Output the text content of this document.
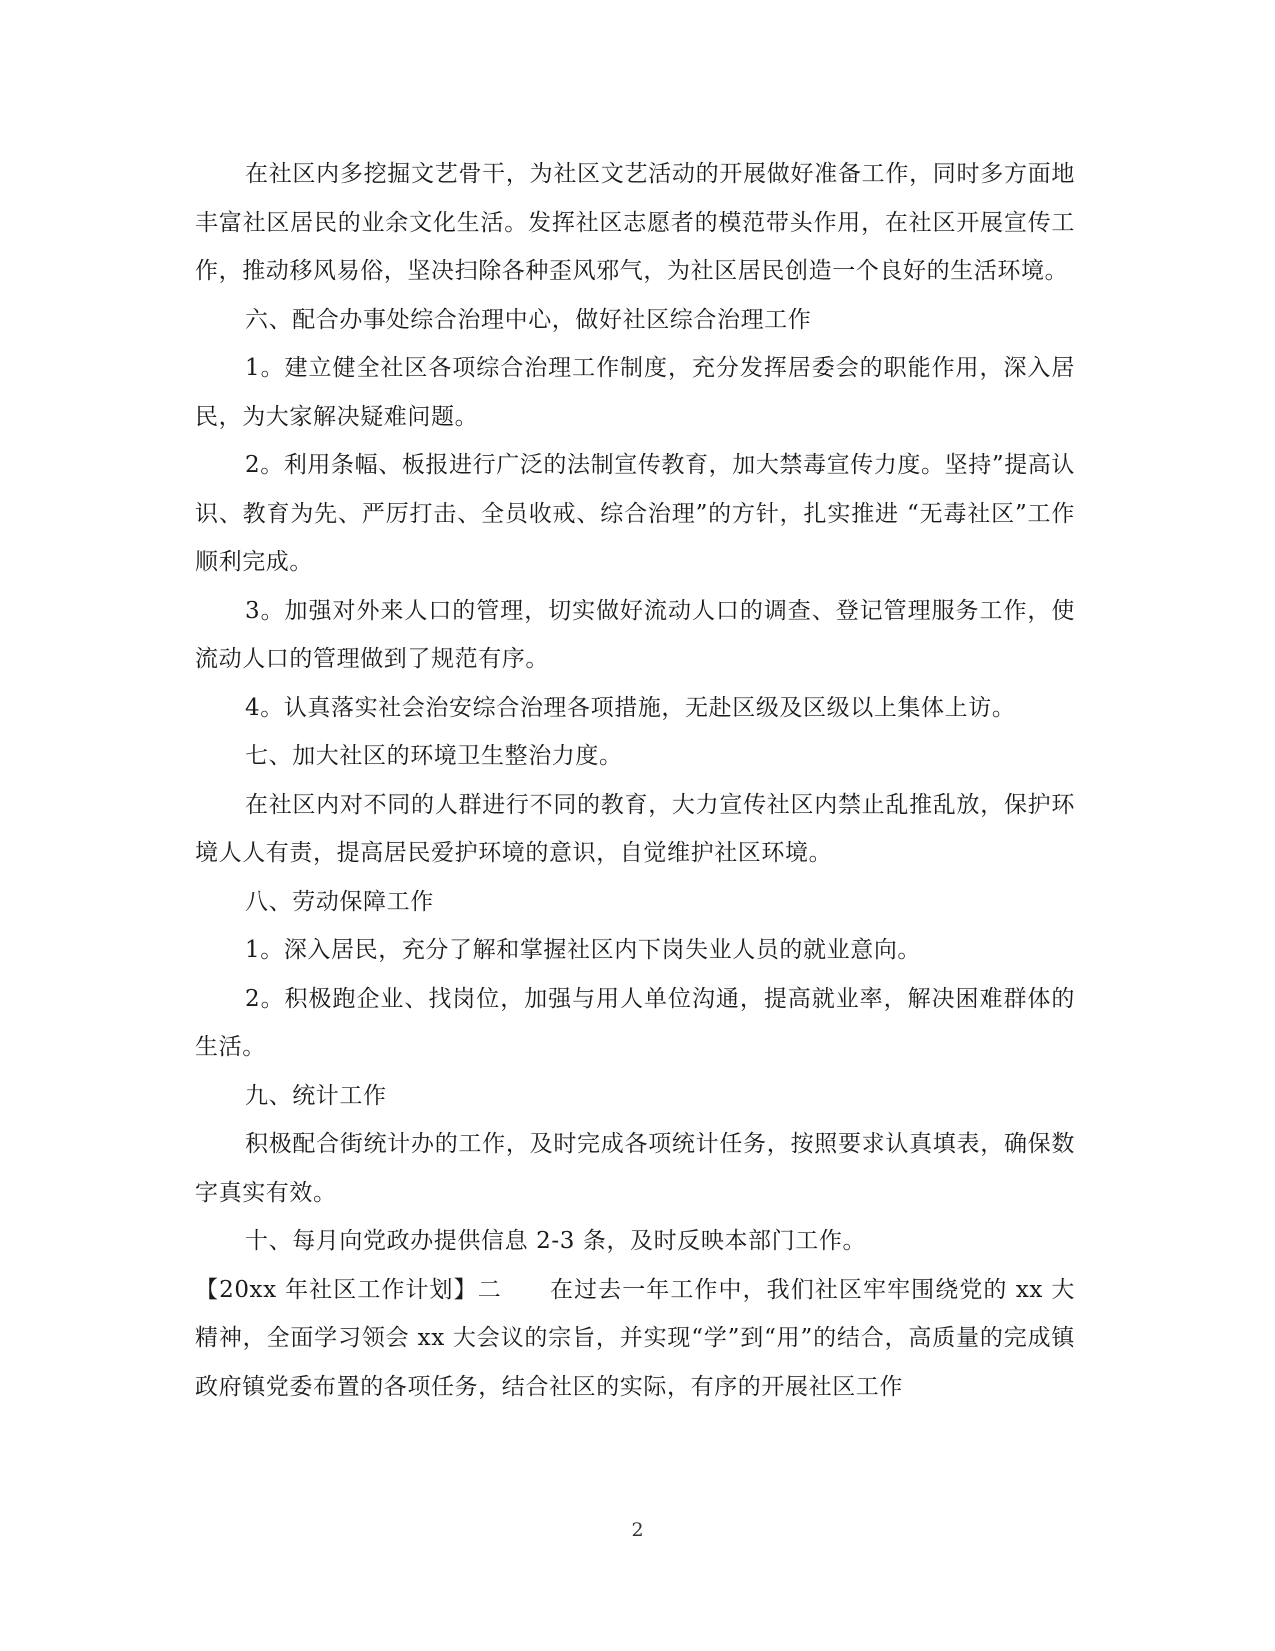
在社区内多挖掘文艺骨干，为社区文艺活动的开展做好准备工作，同时多方面地丰富社区居民的业余文化生活。发挥社区志愿者的模范带头作用，在社区开展宣传工作，推动移风易俗，坚决扫除各种歪风邪气，为社区居民创造一个良好的生活环境。

六、配合办事处综合治理中心，做好社区综合治理工作

1。建立健全社区各项综合治理工作制度，充分发挥居委会的职能作用，深入居民，为大家解决疑难问题。

2。利用条幅、板报进行广泛的法制宣传教育，加大禁毒宣传力度。坚持”提高认识、教育为先、严厉打击、全员收戒、综合治理”的方针，扎实推进 “无毒社区”工作顺利完成。

3。加强对外来人口的管理，切实做好流动人口的调查、登记管理服务工作，使流动人口的管理做到了规范有序。

4。认真落实社会治安综合治理各项措施，无赴区级及区级以上集体上访。

七、加大社区的环境卫生整治力度。

在社区内对不同的人群进行不同的教育，大力宣传社区内禁止乱推乱放，保护环境人人有责，提高居民爱护环境的意识，自觉维护社区环境。

八、劳动保障工作

1。深入居民，充分了解和掌握社区内下岗失业人员的就业意向。

2。积极跑企业、找岗位，加强与用人单位沟通，提高就业率，解决困难群体的生活。

九、统计工作

积极配合街统计办的工作，及时完成各项统计任务，按照要求认真填表，确保数字真实有效。

十、每月向党政办提供信息 2-3 条，及时反映本部门工作。

【20xx 年社区工作计划】二　　在过去一年工作中，我们社区牢牢围绕党的 xx 大精神，全面学习领会 xx 大会议的宗旨，并实现“学”到“用”的结合，高质量的完成镇政府镇党委布置的各项任务，结合社区的实际，有序的开展社区工作

2
